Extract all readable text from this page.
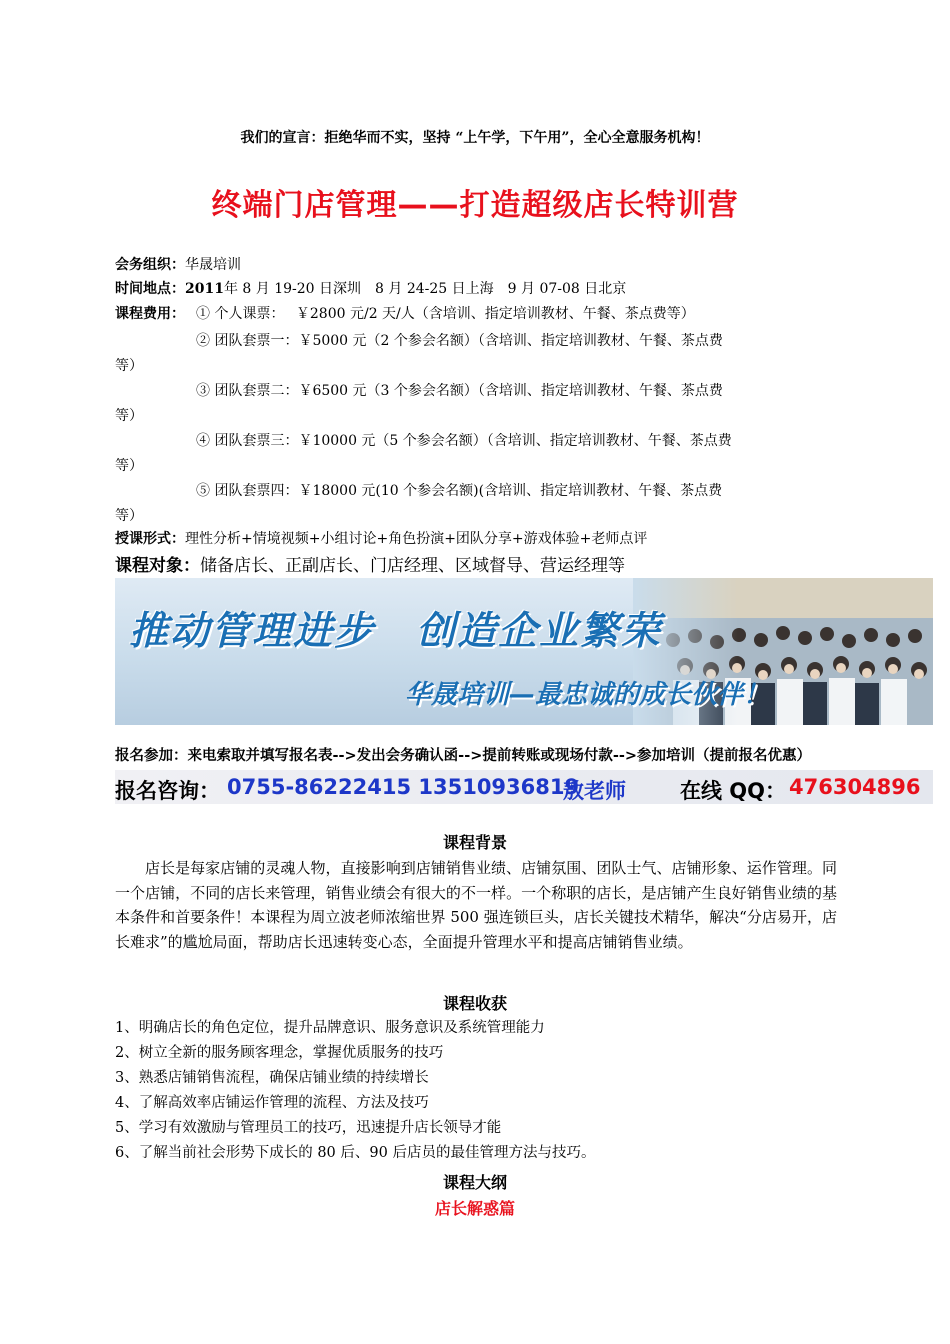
我们的宣言：拒绝华而不实，坚持 “上午学，下午用”，全心全意服务机构！
终端门店管理——打造超级店长特训营
会务组织：华晟培训
时间地点：2011年 8 月 19-20 日深圳　8 月 24-25 日上海　9 月 07-08 日北京
课程费用： ① 个人课票：　 ￥2800 元/2 天/人（含培训、指定培训教材、午餐、茶点费等）
② 团队套票一：￥5000 元（2 个参会名额）（含培训、指定培训教材、午餐、茶点费
等）
③ 团队套票二：￥6500 元（3 个参会名额）（含培训、指定培训教材、午餐、茶点费
等）
④ 团队套票三：￥10000 元（5 个参会名额）（含培训、指定培训教材、午餐、茶点费
等）
⑤ 团队套票四：￥18000 元(10 个参会名额)(含培训、指定培训教材、午餐、茶点费
等）
授课形式：理性分析+情境视频+小组讨论+角色扮演+团队分享+游戏体验+老师点评
课程对象：储备店长、正副店长、门店经理、区域督导、营运经理等
推动管理进步　创造企业繁荣
华晟培训—最忠诚的成长伙伴！
报名参加：来电索取并填写报名表-->发出会务确认函-->提前转账或现场付款-->参加培训（提前报名优惠）
报名咨询： 0755-86222415 13510936819
敖老师	在线 QQ： 476304896
课程背景
店长是每家店铺的灵魂人物，直接影响到店铺销售业绩、店铺氛围、团队士气、店铺形象、运作管理。同一个店铺，不同的店长来管理，销售业绩会有很大的不一样。一个称职的店长，是店铺产生良好销售业绩的基本条件和首要条件！本课程为周立波老师浓缩世界 500 强连锁巨头，店长关键技术精华，解决“分店易开，店长难求”的尴尬局面，帮助店长迅速转变心态，全面提升管理水平和提高店铺销售业绩。
课程收获
1、明确店长的角色定位，提升品牌意识、服务意识及系统管理能力
2、树立全新的服务顾客理念，掌握优质服务的技巧
3、熟悉店铺销售流程，确保店铺业绩的持续增长
4、了解高效率店铺运作管理的流程、方法及技巧
5、学习有效激励与管理员工的技巧，迅速提升店长领导才能
6、了解当前社会形势下成长的 80 后、90 后店员的最佳管理方法与技巧。
课程大纲
店长解惑篇
